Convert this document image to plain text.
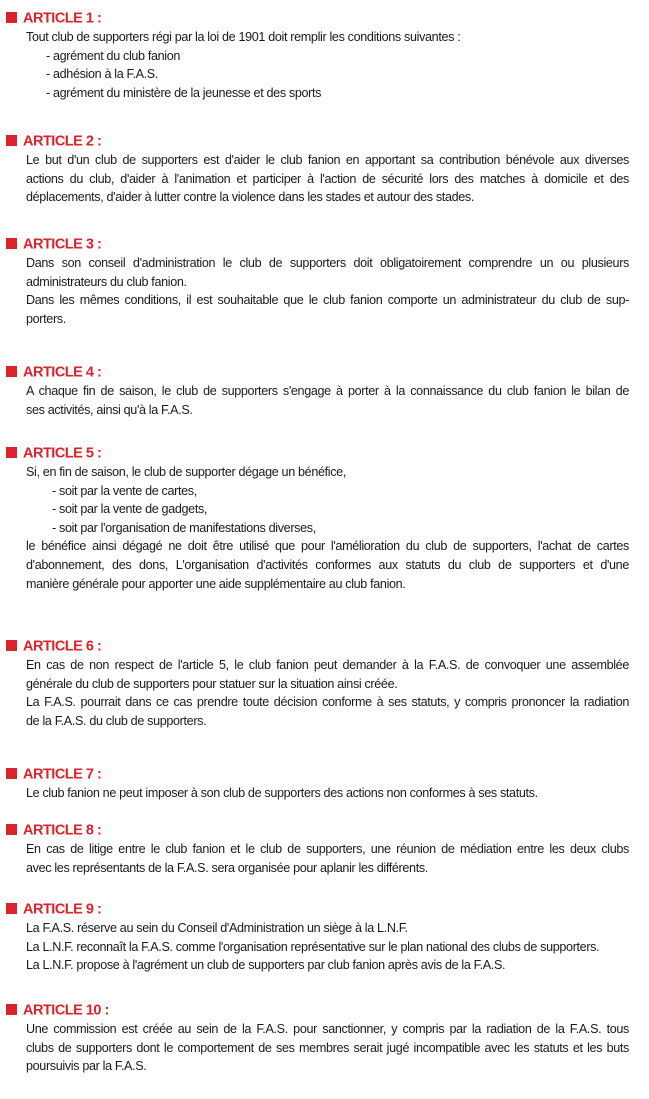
ARTICLE 1 :
Tout club de supporters régi par la loi de 1901 doit remplir les conditions suivantes :
- agrément du club fanion
- adhésion à la F.A.S.
- agrément du ministère de la jeunesse et des sports
ARTICLE 2 :
Le but d'un club de supporters est d'aider le club fanion en apportant sa contribution bénévole aux diverses
actions du club, d'aider à l'animation et participer à l'action de sécurité lors des matches à domicile et des
déplacements, d'aider à lutter contre la violence dans les stades et autour des stades.
ARTICLE 3 :
Dans son conseil d'administration le club de supporters doit obligatoirement comprendre un ou plusieurs
administrateurs du club fanion.
Dans les mêmes conditions, il est souhaitable que le club fanion comporte un administrateur du club de sup-
porters.
ARTICLE 4 :
A chaque fin de saison, le club de supporters s'engage à porter à la connaissance du club fanion le bilan de
ses activités, ainsi qu'à la F.A.S.
ARTICLE 5 :
Si, en fin de saison, le club de supporter dégage un bénéfice,
- soit par la vente de cartes,
- soit par la vente de gadgets,
- soit par l'organisation de manifestations diverses,
le bénéfice ainsi dégagé ne doit être utilisé que pour l'amélioration du club de supporters, l'achat de cartes
d'abonnement, des dons, L'organisation d'activités conformes aux statuts du club de supporters et d'une
manière générale pour apporter une aide supplémentaire au club fanion.
ARTICLE 6 :
En cas de non respect de l'article 5, le club fanion peut demander à la F.A.S. de convoquer une assemblée
générale du club de supporters pour statuer sur la situation ainsi créée.
La F.A.S. pourrait dans ce cas prendre toute décision conforme à ses statuts, y compris prononcer la radiation
de la F.A.S. du club de supporters.
ARTICLE 7 :
Le club fanion ne peut imposer à son club de supporters des actions non conformes à ses statuts.
ARTICLE 8 :
En cas de litige entre le club fanion et le club de supporters, une réunion de médiation entre les deux clubs
avec les représentants de la F.A.S. sera organisée pour aplanir les différents.
ARTICLE 9 :
La F.A.S. réserve au sein du Conseil d'Administration un siège à la L.N.F.
La L.N.F. reconnaît la F.A.S. comme l'organisation représentative sur le plan national des clubs de supporters.
La L.N.F. propose à l'agrément un club de supporters par club fanion après avis de la F.A.S.
ARTICLE 10 :
Une commission est créée au sein de la F.A.S. pour sanctionner, y compris par la radiation de la F.A.S. tous
clubs de supporters dont le comportement de ses membres serait jugé incompatible avec les statuts et les buts
poursuivis par la F.A.S.
